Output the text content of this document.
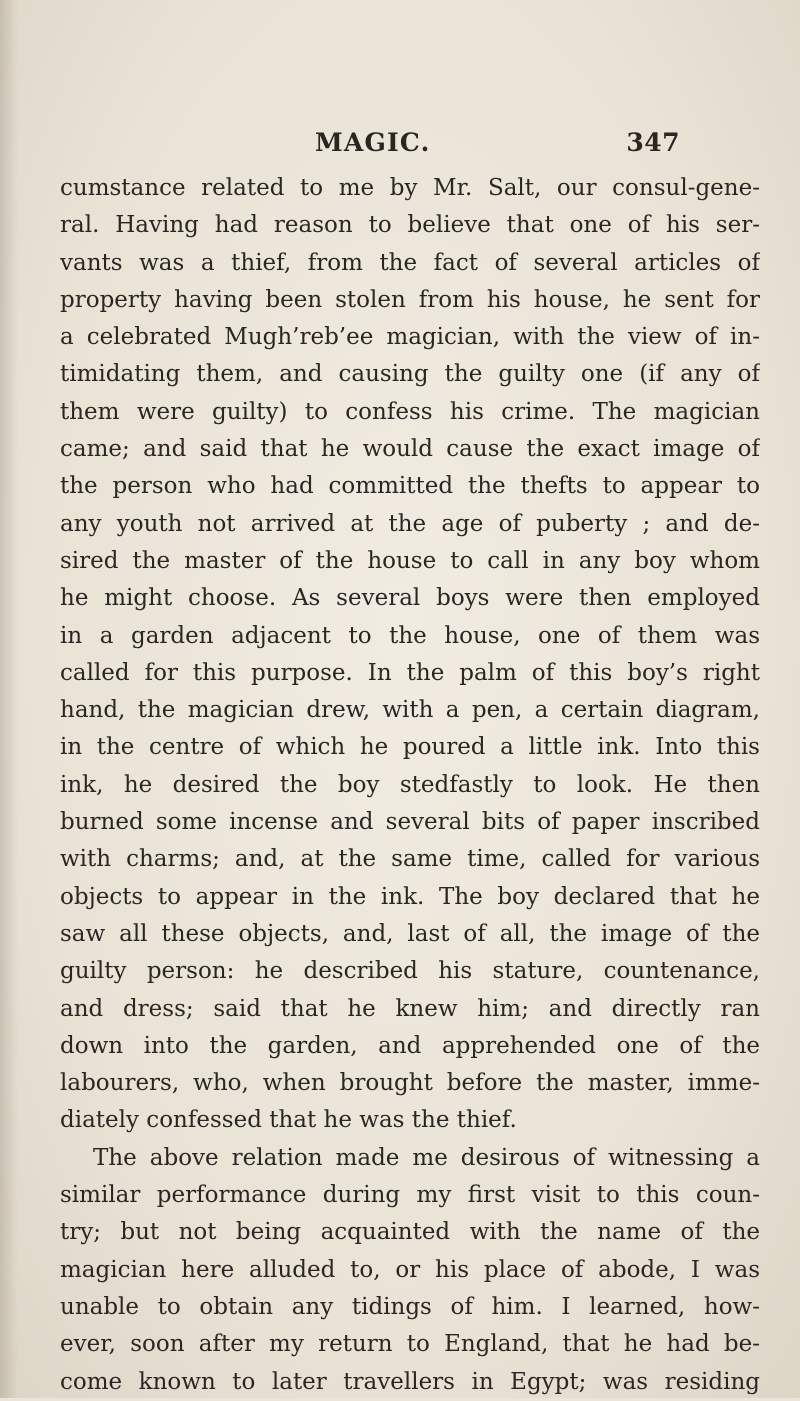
MAGIC.	347
cumstance related to me by Mr. Salt, our consul-gene-
ral. Having had reason to believe that one of his ser-
vants was a thief, from the fact of several articles of
property having been stolen from his house, he sent for
a celebrated Mugh’reb’ee magician, with the view of in-
timidating them, and causing the guilty one (if any of
them were guilty) to confess his crime. The magician
came; and said that he would cause the exact image of
the person who had committed the thefts to appear to
any youth not arrived at the age of puberty ; and de-
sired the master of the house to call in any boy whom
he might choose. As several boys were then employed
in a garden adjacent to the house, one of them was
called for this purpose. In the palm of this boy’s right
hand, the magician drew, with a pen, a certain diagram,
in the centre of which he poured a little ink. Into this
ink, he desired the boy stedfastly to look. He then
burned some incense and several bits of paper inscribed
with charms; and, at the same time, called for various
objects to appear in the ink. The boy declared that he
saw all these objects, and, last of all, the image of the
guilty person: he described his stature, countenance,
and dress; said that he knew him; and directly ran
down into the garden, and apprehended one of the
labourers, who, when brought before the master, imme-
diately confessed that he was the thief.
The above relation made me desirous of witnessing a
similar performance during my first visit to this coun-
try; but not being acquainted with the name of the
magician here alluded to, or his place of abode, I was
unable to obtain any tidings of him. I learned, how-
ever, soon after my return to England, that he had be-
come known to later travellers in Egypt; was residing
